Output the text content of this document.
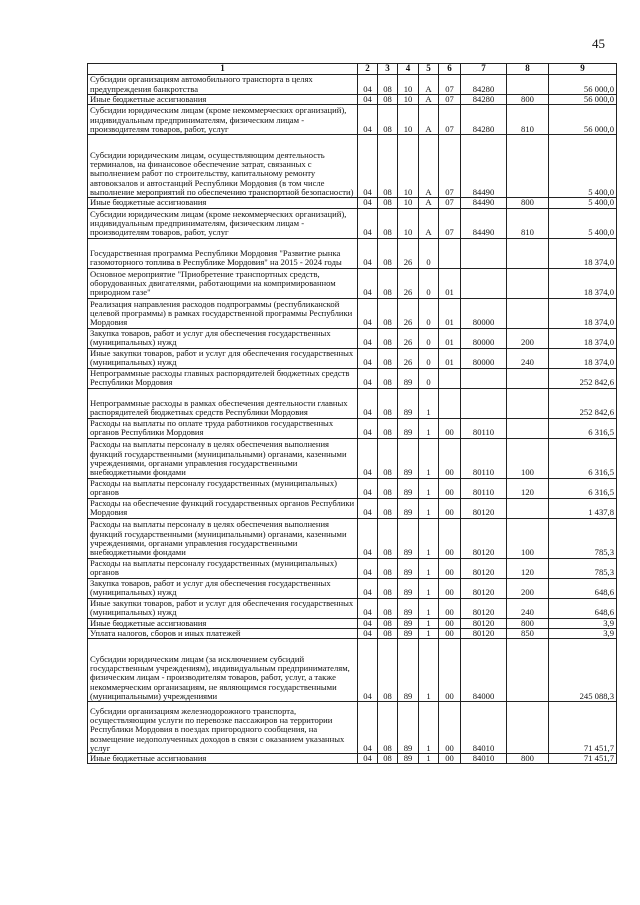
45
1	2	3	4	5	6	7	8	9
Субсидии организациям автомобильного транспорта в целях предупреждения банкротства	04	08	10	А	07	84280		56 000,0
Иные бюджетные ассигнования	04	08	10	А	07	84280	800	56 000,0
Субсидии юридическим лицам (кроме некоммерческих организаций), индивидуальным предпринимателям, физическим лицам - производителям товаров, работ, услуг	04	08	10	А	07	84280	810	56 000,0
Субсидии юридическим лицам, осуществляющим деятельность терминалов, на финансовое обеспечение затрат, связанных с выполнением работ по строительству, капитальному ремонту автовокзалов и автостанций Республики Мордовия (в том числе выполнение мероприятий по обеспечению транспортной безопасности)	04	08	10	А	07	84490		5 400,0
Иные бюджетные ассигнования	04	08	10	А	07	84490	800	5 400,0
Субсидии юридическим лицам (кроме некоммерческих организаций), индивидуальным предпринимателям, физическим лицам - производителям товаров, работ, услуг	04	08	10	А	07	84490	810	5 400,0
Государственная программа Республики Мордовия "Развитие рынка газомоторного топлива в Республике Мордовия" на 2015 - 2024 годы	04	08	26	0				18 374,0
Основное мероприятие "Приобретение транспортных средств, оборудованных двигателями, работающими на компримированном природном газе"	04	08	26	0	01			18 374,0
Реализация направления расходов подпрограммы (республиканской целевой программы) в рамках государственной программы Республики Мордовия	04	08	26	0	01	80000		18 374,0
Закупка товаров, работ и услуг для обеспечения государственных (муниципальных) нужд	04	08	26	0	01	80000	200	18 374,0
Иные закупки товаров, работ и услуг для обеспечения государственных (муниципальных) нужд	04	08	26	0	01	80000	240	18 374,0
Непрограммные расходы главных распорядителей бюджетных средств Республики Мордовия	04	08	89	0				252 842,6
Непрограммные расходы в рамках обеспечения деятельности главных распорядителей бюджетных средств Республики Мордовия	04	08	89	1				252 842,6
Расходы на выплаты по оплате труда работников государственных органов Республики Мордовия	04	08	89	1	00	80110		6 316,5
Расходы на выплаты персоналу в целях обеспечения выполнения функций государственными (муниципальными) органами, казенными учреждениями, органами управления государственными внебюджетными фондами	04	08	89	1	00	80110	100	6 316,5
Расходы на выплаты персоналу государственных (муниципальных) органов	04	08	89	1	00	80110	120	6 316,5
Расходы на обеспечение функций государственных органов Республики Мордовия	04	08	89	1	00	80120		1 437,8
Расходы на выплаты персоналу в целях обеспечения выполнения функций государственными (муниципальными) органами, казенными учреждениями, органами управления государственными внебюджетными фондами	04	08	89	1	00	80120	100	785,3
Расходы на выплаты персоналу государственных (муниципальных) органов	04	08	89	1	00	80120	120	785,3
Закупка товаров, работ и услуг для обеспечения государственных (муниципальных) нужд	04	08	89	1	00	80120	200	648,6
Иные закупки товаров, работ и услуг для обеспечения государственных (муниципальных) нужд	04	08	89	1	00	80120	240	648,6
Иные бюджетные ассигнования	04	08	89	1	00	80120	800	3,9
Уплата налогов, сборов и иных платежей	04	08	89	1	00	80120	850	3,9
Субсидии юридическим лицам (за исключением субсидий государственным учреждениям), индивидуальным предпринимателям, физическим лицам - производителям товаров, работ, услуг, а также некоммерческим организациям, не являющимся государственными (муниципальными) учреждениями	04	08	89	1	00	84000		245 088,3
Субсидии организациям железнодорожного транспорта, осуществляющим услуги по перевозке пассажиров на территории Республики Мордовия в поездах пригородного сообщения, на возмещение недополученных доходов в связи с оказанием указанных услуг	04	08	89	1	00	84010		71 451,7
Иные бюджетные ассигнования	04	08	89	1	00	84010	800	71 451,7
